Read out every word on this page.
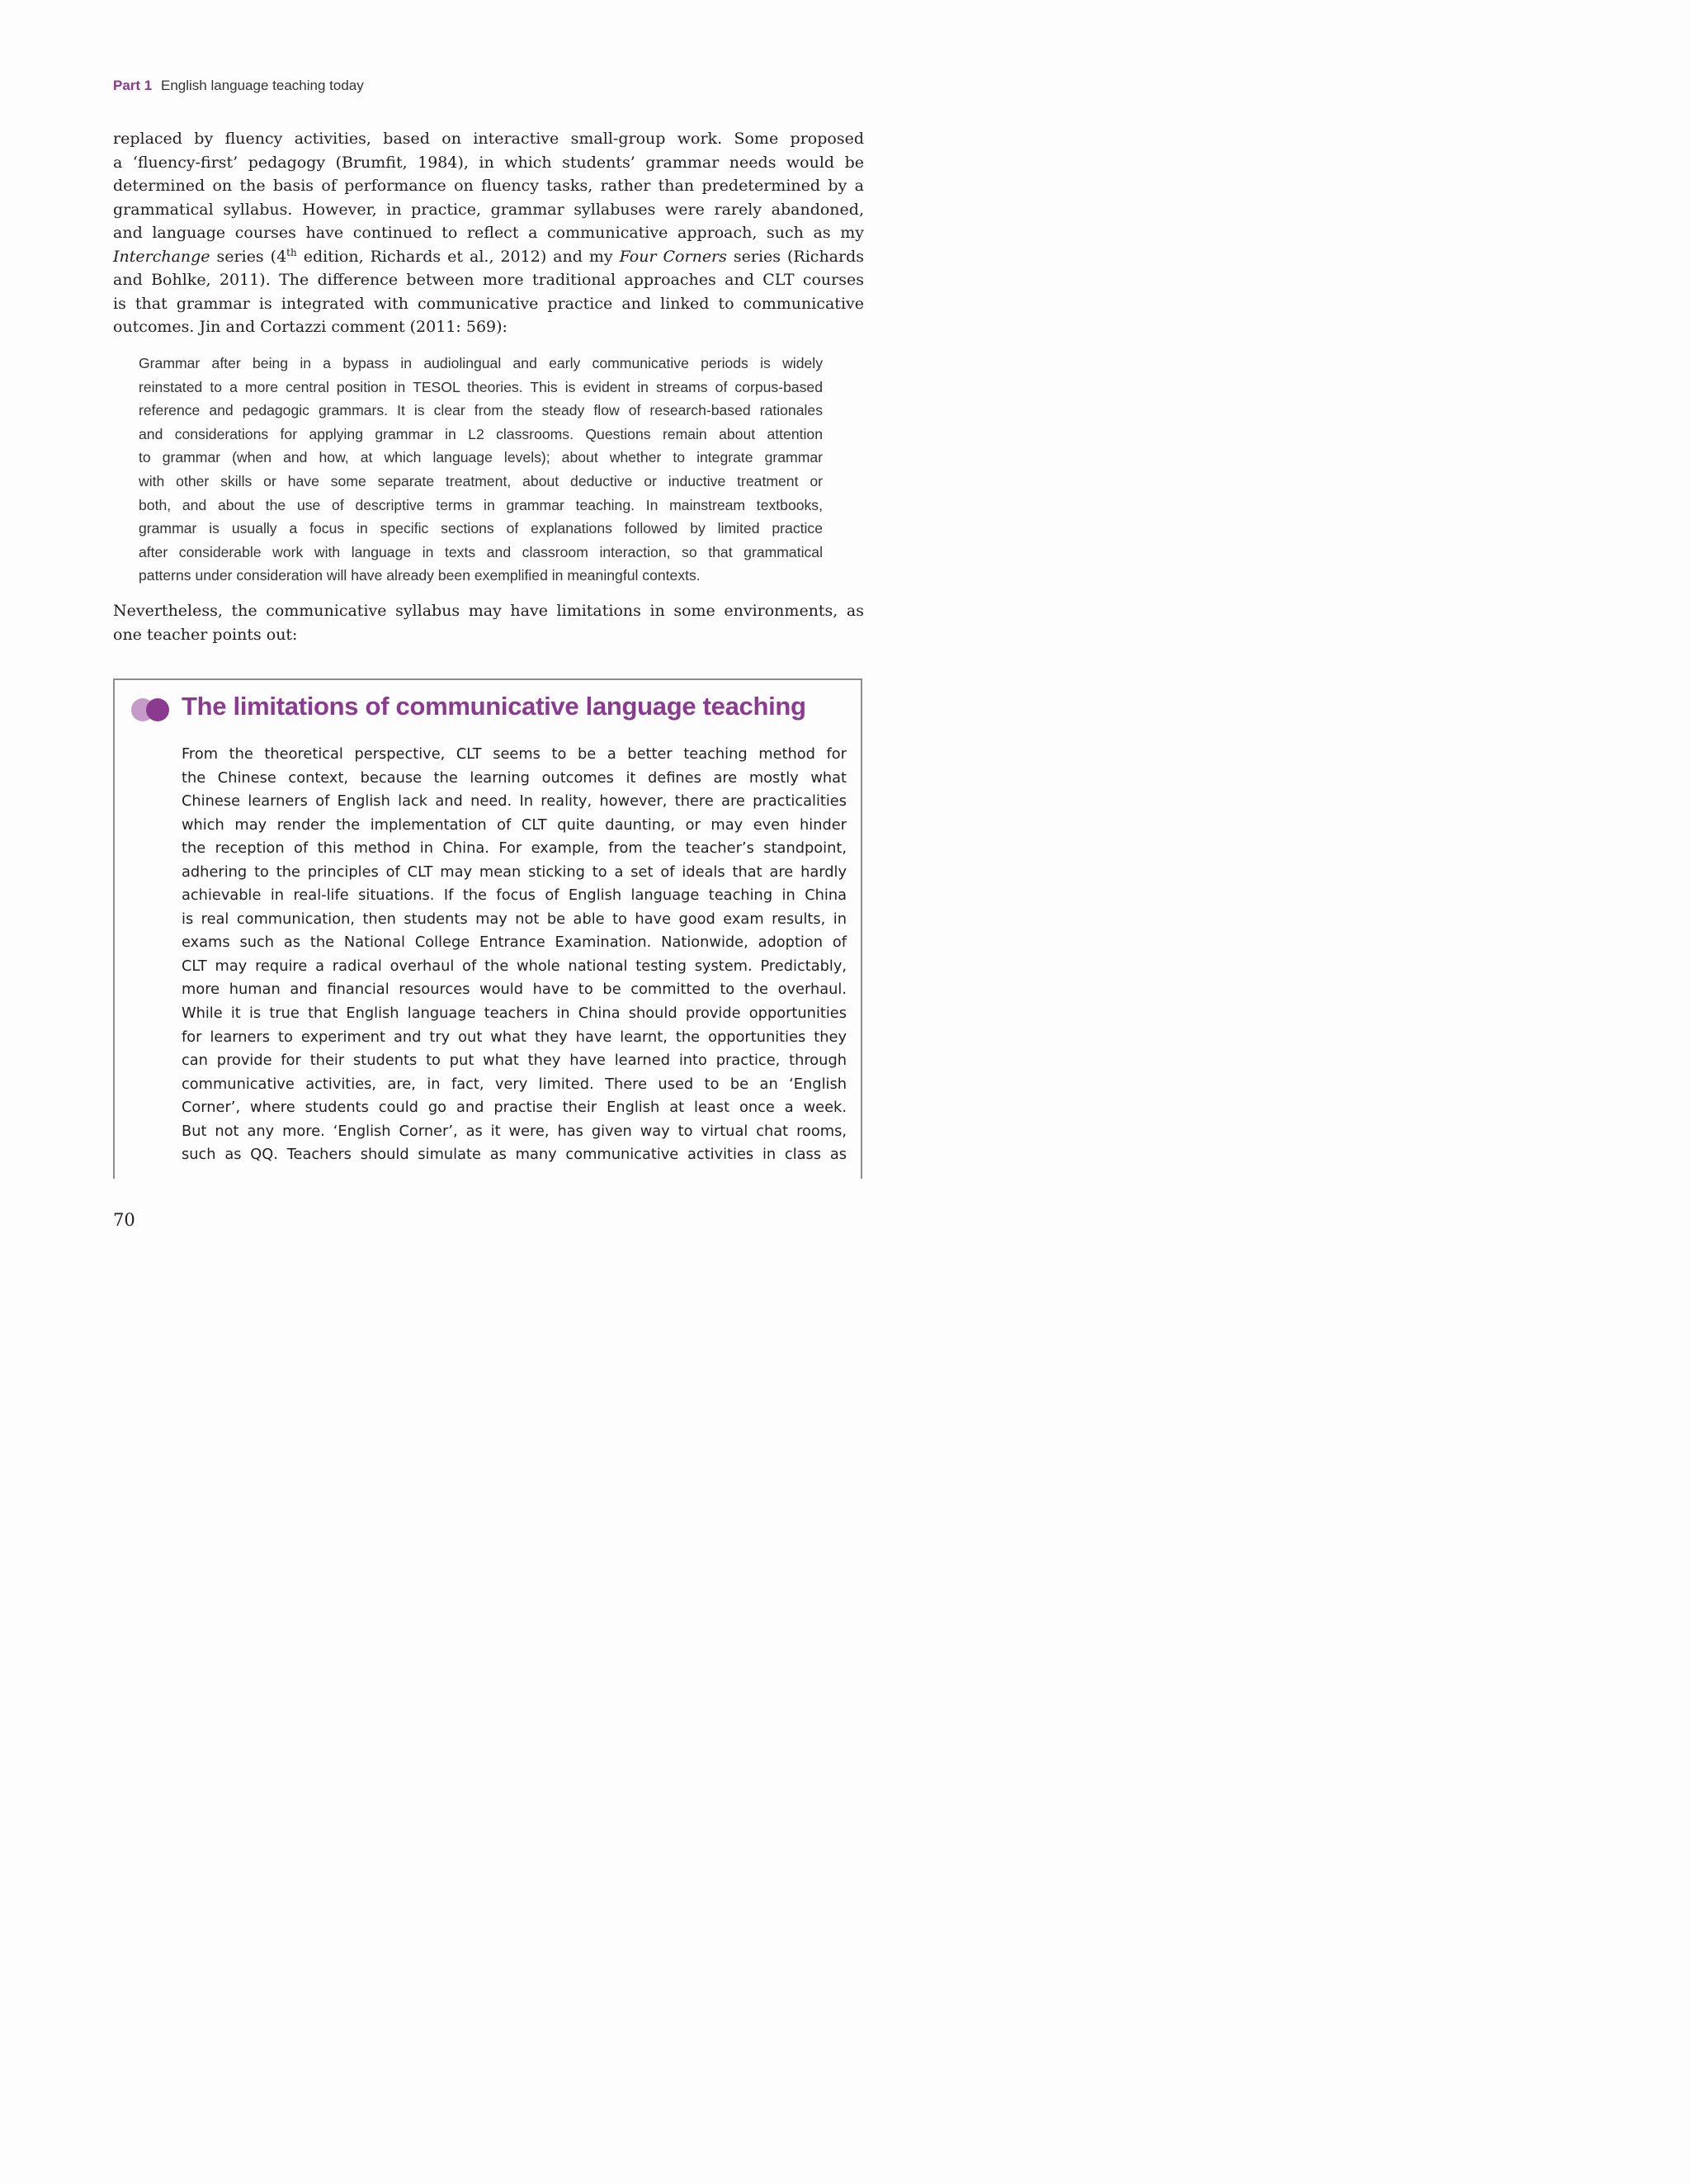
Part 1 English language teaching today
replaced by fluency activities, based on interactive small-group work. Some proposed
a ‘fluency-first’ pedagogy (Brumfit, 1984), in which students’ grammar needs would be
determined on the basis of performance on fluency tasks, rather than predetermined by a
grammatical syllabus. However, in practice, grammar syllabuses were rarely abandoned,
and language courses have continued to reflect a communicative approach, such as my
Interchange series (4th edition, Richards et al., 2012) and my Four Corners series (Richards
and Bohlke, 2011). The difference between more traditional approaches and CLT courses
is that grammar is integrated with communicative practice and linked to communicative
outcomes. Jin and Cortazzi comment (2011: 569):
Grammar after being in a bypass in audiolingual and early communicative periods is widely
reinstated to a more central position in TESOL theories. This is evident in streams of corpus-based
reference and pedagogic grammars. It is clear from the steady flow of research-based rationales
and considerations for applying grammar in L2 classrooms. Questions remain about attention
to grammar (when and how, at which language levels); about whether to integrate grammar
with other skills or have some separate treatment, about deductive or inductive treatment or
both, and about the use of descriptive terms in grammar teaching. In mainstream textbooks,
grammar is usually a focus in specific sections of explanations followed by limited practice
after considerable work with language in texts and classroom interaction, so that grammatical
patterns under consideration will have already been exemplified in meaningful contexts.
Nevertheless, the communicative syllabus may have limitations in some environments, as
one teacher points out:
The limitations of communicative language teaching
From the theoretical perspective, CLT seems to be a better teaching method for
the Chinese context, because the learning outcomes it defines are mostly what
Chinese learners of English lack and need. In reality, however, there are practicalities
which may render the implementation of CLT quite daunting, or may even hinder
the reception of this method in China. For example, from the teacher’s standpoint,
adhering to the principles of CLT may mean sticking to a set of ideals that are hardly
achievable in real-life situations. If the focus of English language teaching in China
is real communication, then students may not be able to have good exam results, in
exams such as the National College Entrance Examination. Nationwide, adoption of
CLT may require a radical overhaul of the whole national testing system. Predictably,
more human and financial resources would have to be committed to the overhaul.
While it is true that English language teachers in China should provide opportunities
for learners to experiment and try out what they have learnt, the opportunities they
can provide for their students to put what they have learned into practice, through
communicative activities, are, in fact, very limited. There used to be an ‘English
Corner’, where students could go and practise their English at least once a week.
But not any more. ‘English Corner’, as it were, has given way to virtual chat rooms,
such as QQ. Teachers should simulate as many communicative activities in class as
70
